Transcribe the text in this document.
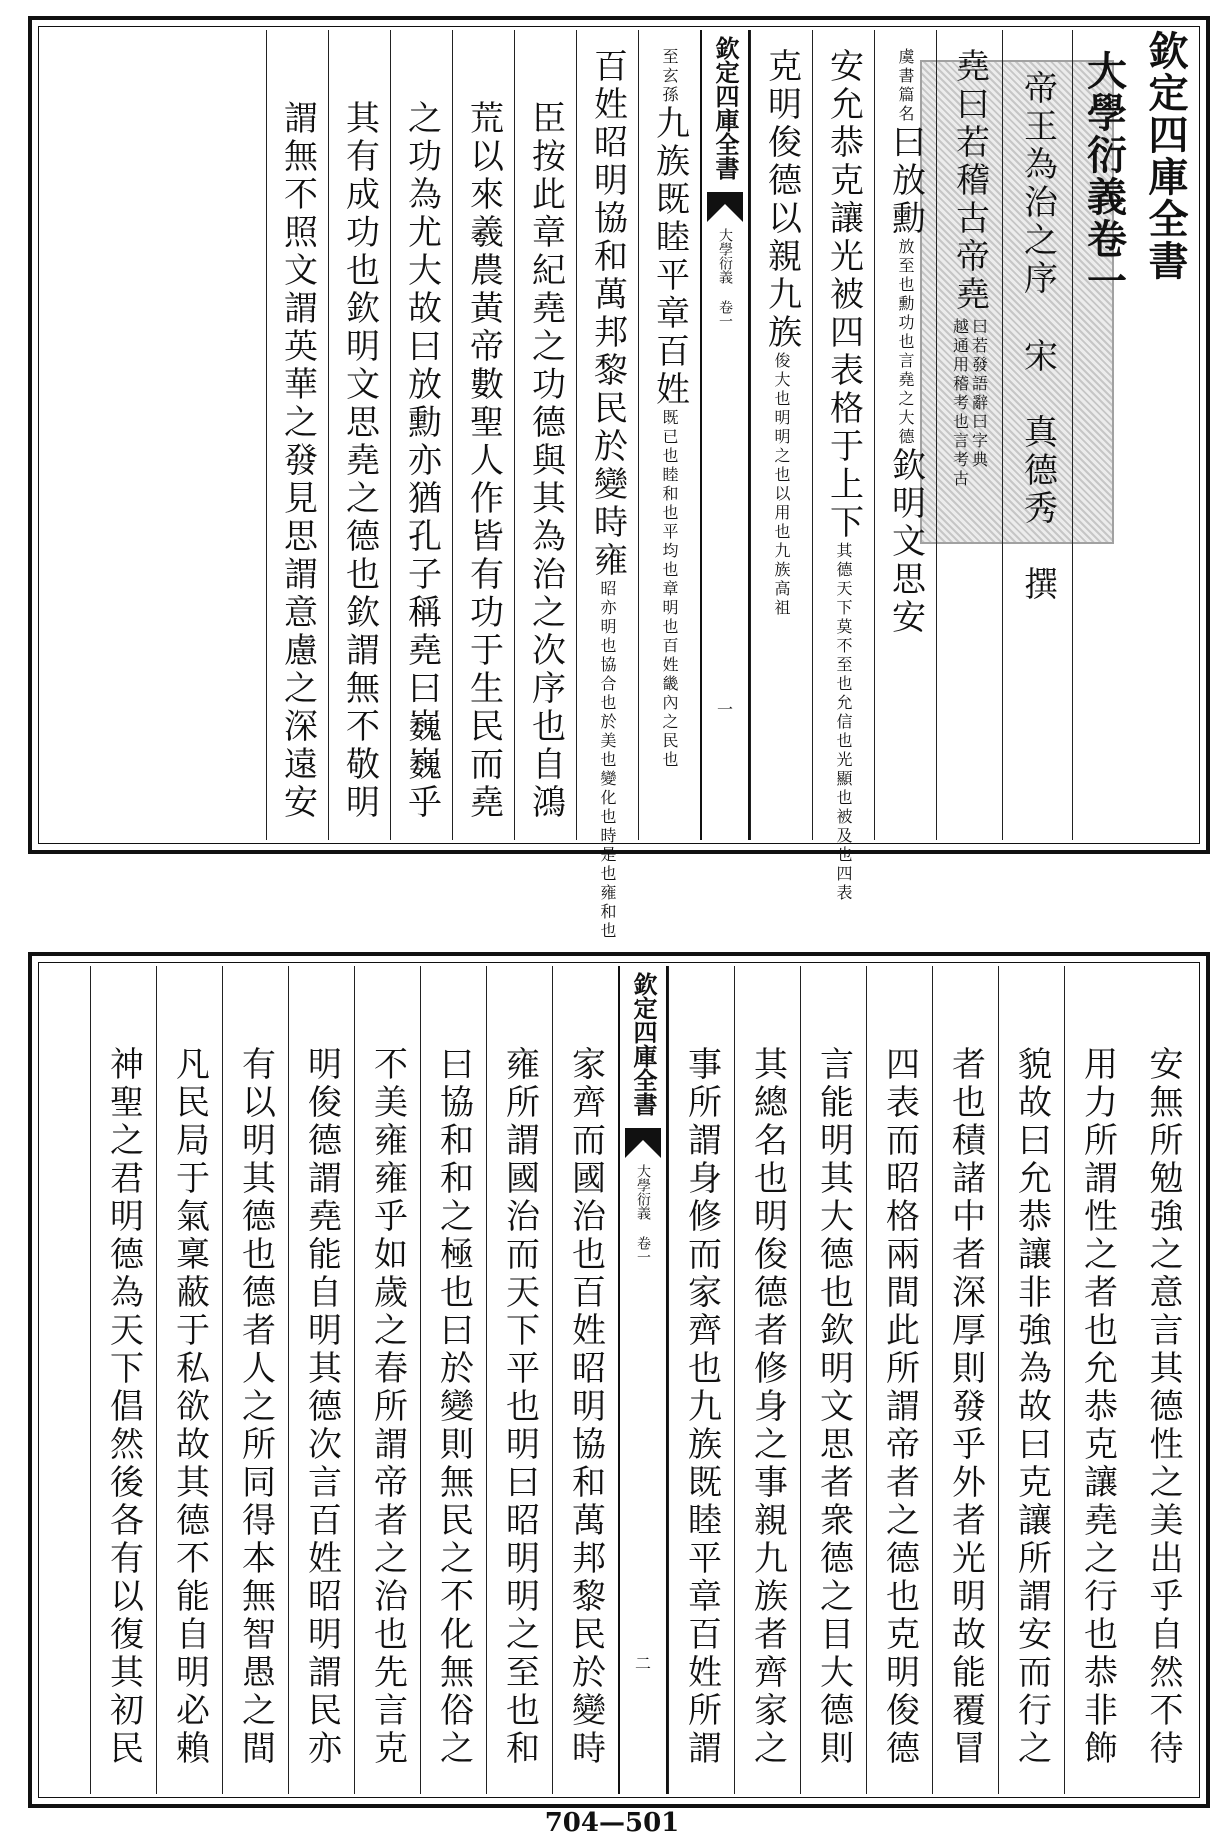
欽定四庫全書
大學衍義卷一
帝王為治之序
宋　真德秀　撰
堯曰若稽古帝堯
曰若發語辭曰字典
越通用稽考也言考古
虞書篇名
曰放勳
放至也勳功也言堯之大德
欽明文思安
安允恭克讓光被四表格于上下
其德天下莫不至也允信也光顯也被及也四表
克明俊德以親九族
俊大也明明之也以用也九族高祖
欽定四庫全書
大學衍義 卷一
一
至玄孫
九族既睦平章百姓
既已也睦和也平均也章明也百姓畿內之民也
百姓昭明協和萬邦黎民於變時雍
昭亦明也協合也於美也變化也時是也雍和也
臣按此章紀堯之功德與其為治之次序也自鴻
荒以來羲農黃帝數聖人作皆有功于生民而堯
之功為尤大故曰放勳亦猶孔子稱堯曰巍巍乎
其有成功也欽明文思堯之德也欽謂無不敬明
謂無不照文謂英華之發見思謂意慮之深遠安
安無所勉強之意言其德性之美出乎自然不待
用力所謂性之者也允恭克讓堯之行也恭非飾
貌故曰允恭讓非強為故曰克讓所謂安而行之
者也積諸中者深厚則發乎外者光明故能覆冒
四表而昭格兩間此所謂帝者之德也克明俊德
言能明其大德也欽明文思者衆德之目大德則
其總名也明俊德者修身之事親九族者齊家之
事所謂身修而家齊也九族既睦平章百姓所謂
欽定四庫全書
大學衍義 卷一
二
家齊而國治也百姓昭明協和萬邦黎民於變時
雍所謂國治而天下平也明曰昭明明之至也和
曰協和和之極也曰於變則無民之不化無俗之
不美雍雍乎如歲之春所謂帝者之治也先言克
明俊德謂堯能自明其德次言百姓昭明謂民亦
有以明其德也德者人之所同得本無智愚之間
凡民局于氣稟蔽于私欲故其德不能自明必賴
神聖之君明德為天下倡然後各有以復其初民
704—501
